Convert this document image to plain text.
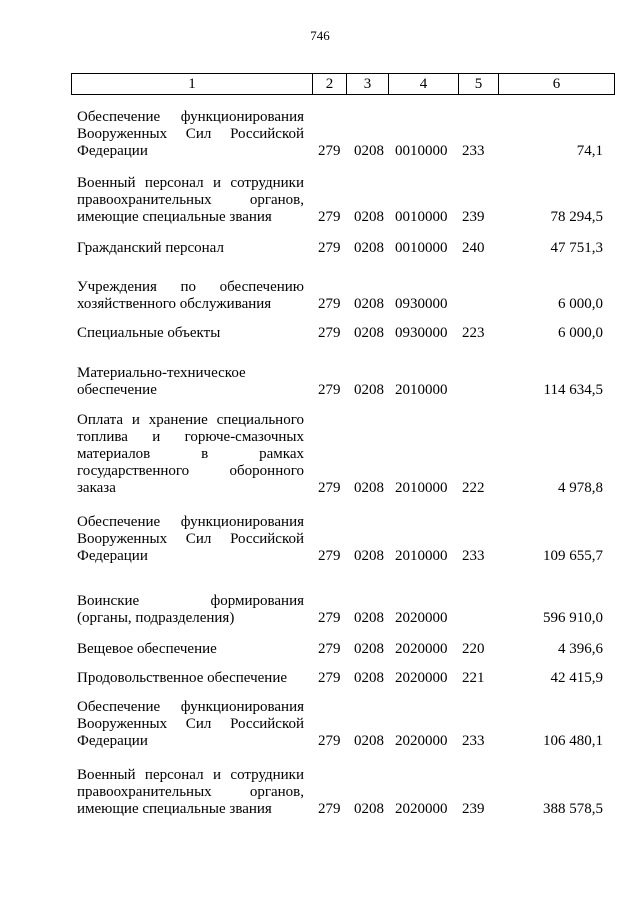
746
1	2	3	4	5	6
Обеспечение функционирования
Вооруженных Сил Российской
Федерации	279 0208 0010000 233	74,1
Военный персонал и сотрудники
правоохранительных органов,
имеющие специальные звания	279 0208 0010000 239	78 294,5
Гражданский персонал	279 0208 0010000 240	47 751,3
Учреждения по обеспечению
хозяйственного обслуживания	279 0208 0930000	6 000,0
Специальные объекты	279 0208 0930000 223	6 000,0
Материально-техническое
обеспечение	279 0208 2010000	114 634,5
Оплата и хранение специального
топлива и горюче-смазочных
материалов в рамках
государственного оборонного
заказа	279 0208 2010000 222	4 978,8
Обеспечение функционирования
Вооруженных Сил Российской
Федерации	279 0208 2010000 233	109 655,7
Воинские формирования
(органы, подразделения)	279 0208 2020000	596 910,0
Вещевое обеспечение	279 0208 2020000 220	4 396,6
Продовольственное обеспечение	279 0208 2020000 221	42 415,9
Обеспечение функционирования
Вооруженных Сил Российской
Федерации	279 0208 2020000 233	106 480,1
Военный персонал и сотрудники
правоохранительных органов,
имеющие специальные звания	279 0208 2020000 239	388 578,5
